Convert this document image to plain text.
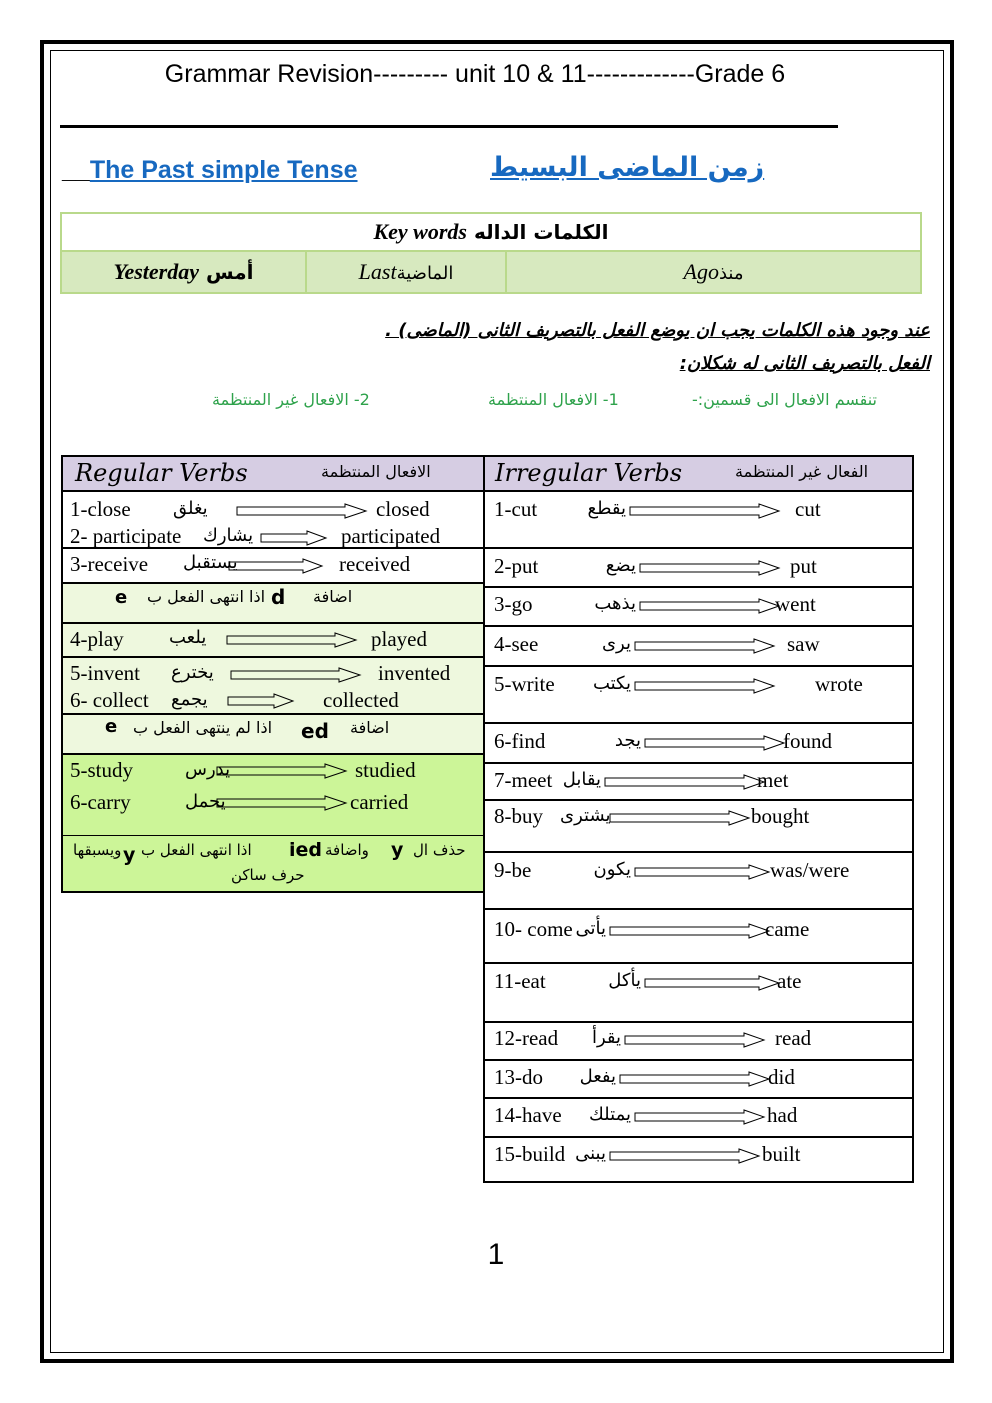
Grammar Revision--------- unit 10 & 11-------------Grade 6
__The Past simple Tense	زمن الماضى البسيط
Key words الكلمات الداله
Yesterday أمس	Lastالماضية	Agoمنذ
عند وجود هذه الكلمات يجب ان يوضع الفعل بالتصريف الثانى (الماضى) .
الفعل بالتصريف الثانى له شكلان:
تنقسم الافعال الى قسمين:-
1- الافعال المنتظمة
2- الافعال غير المنتظمة
Regular Verbs	الافعال المنتظمة

1-close يغلق	closed
2- participate يشارك	participated

3-receive يستقبل	received

e اذا انتهى الفعل ب d اضافة

4-play	يلعب	played

5-invent يخترع	invented
6- collect يجمع	collected

e اذا لم ينتهى الفعل ب ed اضافة

5-study	يدرس	studied
6-carry	يحمل	carried

ويسبقها y اذا انتهى الفعل ب ied واضافة y حذف ال
حرف ساكن
Irregular Verbs	الفعال غير المنتظمة

1-cut	يقطع	cut

2-put	يضع	put

3-go	يذهب	went

4-see	يرى	saw

5-write	يكتب	wrote

6-find	يجد	found

7-meet يقابل	met

8-buy يشترى	bought

9-be	يكون	was/were

10- come يأتى	came

11-eat	يأكل	ate

12-read	يقرأ	read

13-do	يفعل	did

14-have يمتلك	had

15-build يبنى	built
1
